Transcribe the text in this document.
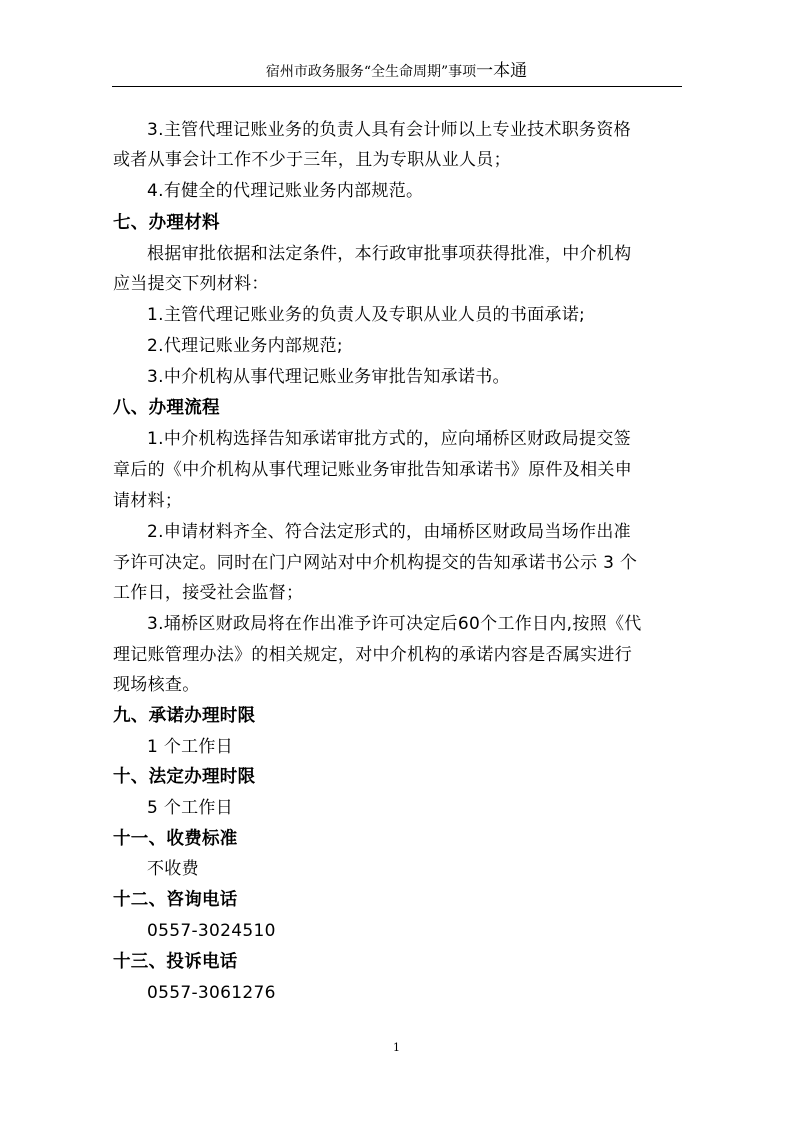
宿州市政务服务“全生命周期”事项一本通
3.主管代理记账业务的负责人具有会计师以上专业技术职务资格
或者从事会计工作不少于三年，且为专职从业人员；
4.有健全的代理记账业务内部规范。
七、办理材料
根据审批依据和法定条件，本行政审批事项获得批准，中介机构
应当提交下列材料：
1.主管代理记账业务的负责人及专职从业人员的书面承诺;
2.代理记账业务内部规范;
3.中介机构从事代理记账业务审批告知承诺书。
八、办理流程
1.中介机构选择告知承诺审批方式的，应向埇桥区财政局提交签
章后的《中介机构从事代理记账业务审批告知承诺书》原件及相关申
请材料；
2.申请材料齐全、符合法定形式的，由埇桥区财政局当场作出准
予许可决定。同时在门户网站对中介机构提交的告知承诺书公示 3 个
工作日，接受社会监督；
3.埇桥区财政局将在作出准予许可决定后60个工作日内,按照《代
理记账管理办法》的相关规定，对中介机构的承诺内容是否属实进行
现场核查。
九、承诺办理时限
1 个工作日
十、法定办理时限
5 个工作日
十一、收费标准
不收费
十二、咨询电话
0557-3024510
十三、投诉电话
0557-3061276
1
